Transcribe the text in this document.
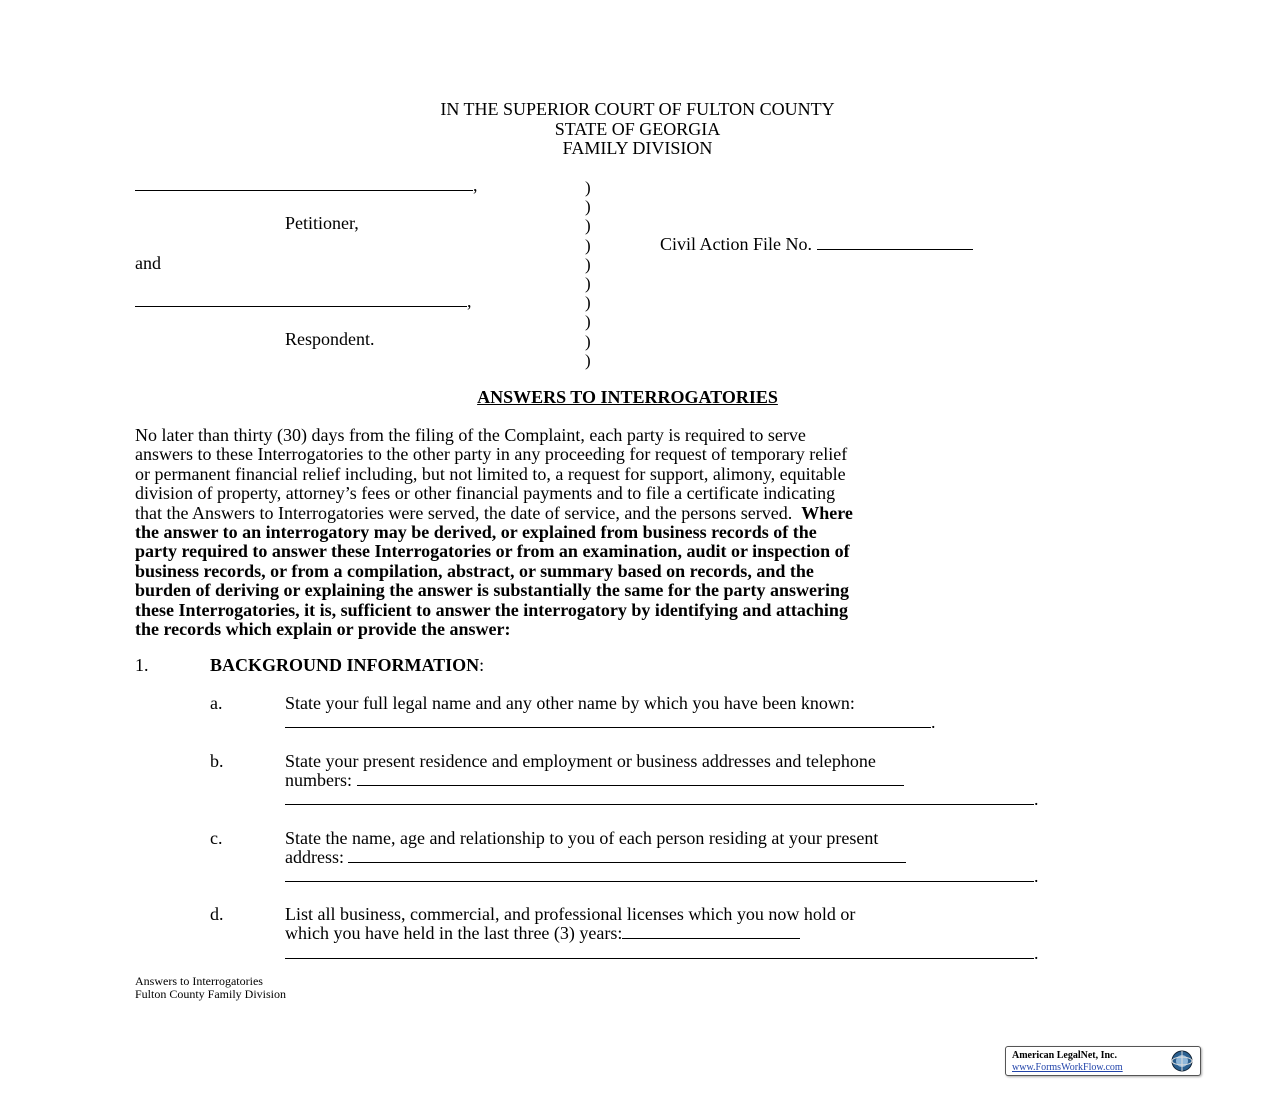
IN THE SUPERIOR COURT OF FULTON COUNTY
STATE OF GEORGIA
FAMILY DIVISION
,
Petitioner,
and
,
Respondent.
)
)
)
)
)
)
)
)
)
)
Civil Action File No.
ANSWERS TO INTERROGATORIES
No later than thirty (30) days from the filing of the Complaint, each party is required to serve
answers to these Interrogatories to the other party in any proceeding for request of temporary relief
or permanent financial relief including, but not limited to, a request for support, alimony, equitable
division of property, attorney’s fees or other financial payments and to file a certificate indicating
that the Answers to Interrogatories were served, the date of service, and the persons served. Where
the answer to an interrogatory may be derived, or explained from business records of the
party required to answer these Interrogatories or from an examination, audit or inspection of
business records, or from a compilation, abstract, or summary based on records, and the
burden of deriving or explaining the answer is substantially the same for the party answering
these Interrogatories, it is, sufficient to answer the interrogatory by identifying and attaching
the records which explain or provide the answer:
1.	BACKGROUND INFORMATION:
a.	State your full legal name and any other name by which you have been known:
.
b.	State your present residence and employment or business addresses and telephone
numbers:
.
c.	State the name, age and relationship to you of each person residing at your present
address:
.
d.	List all business, commercial, and professional licenses which you now hold or
which you have held in the last three (3) years:
.
Answers to Interrogatories
Fulton County Family Division
American LegalNet, Inc.
www.FormsWorkFlow.com
